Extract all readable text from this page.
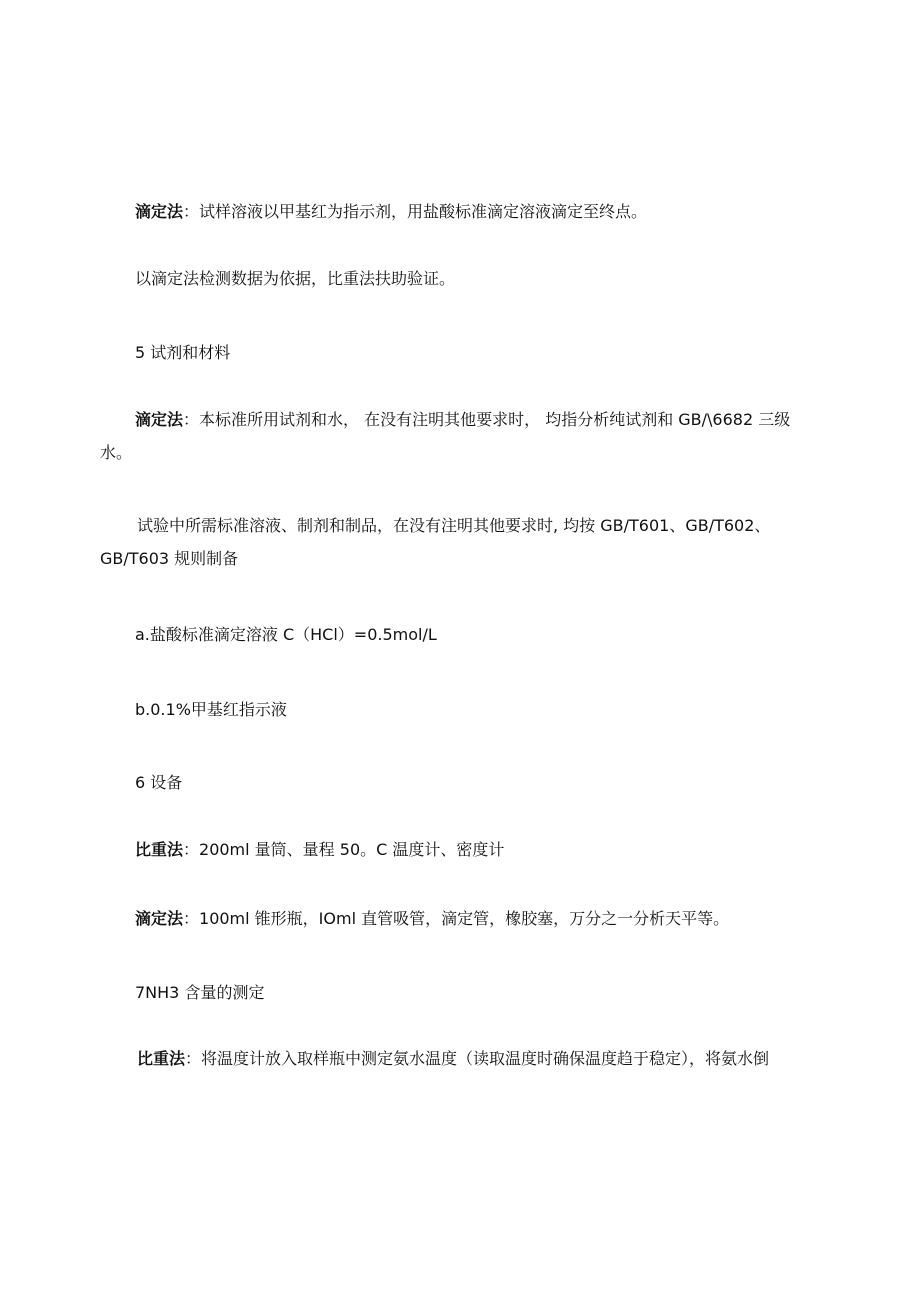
滴定法：试样溶液以甲基红为指示剂，用盐酸标准滴定溶液滴定至终点。

以滴定法检测数据为依据，比重法扶助验证。

5 试剂和材料

滴定法：本标准所用试剂和水， 在没有注明其他要求时， 均指分析纯试剂和 GB/\6682 三级

水。

试验中所需标准溶液、制剂和制品，在没有注明其他要求时, 均按 GB/T601、GB/T602、

GB/T603 规则制备

a.盐酸标准滴定溶液 C（HCl）=0.5mol/L

b.0.1%甲基红指示液

6 设备

比重法：200ml 量筒、量程 50。C 温度计、密度计

滴定法：100ml 锥形瓶，IOml 直管吸管，滴定管，橡胶塞，万分之一分析天平等。

7NH3 含量的测定

比重法：将温度计放入取样瓶中测定氨水温度（读取温度时确保温度趋于稳定），将氨水倒
